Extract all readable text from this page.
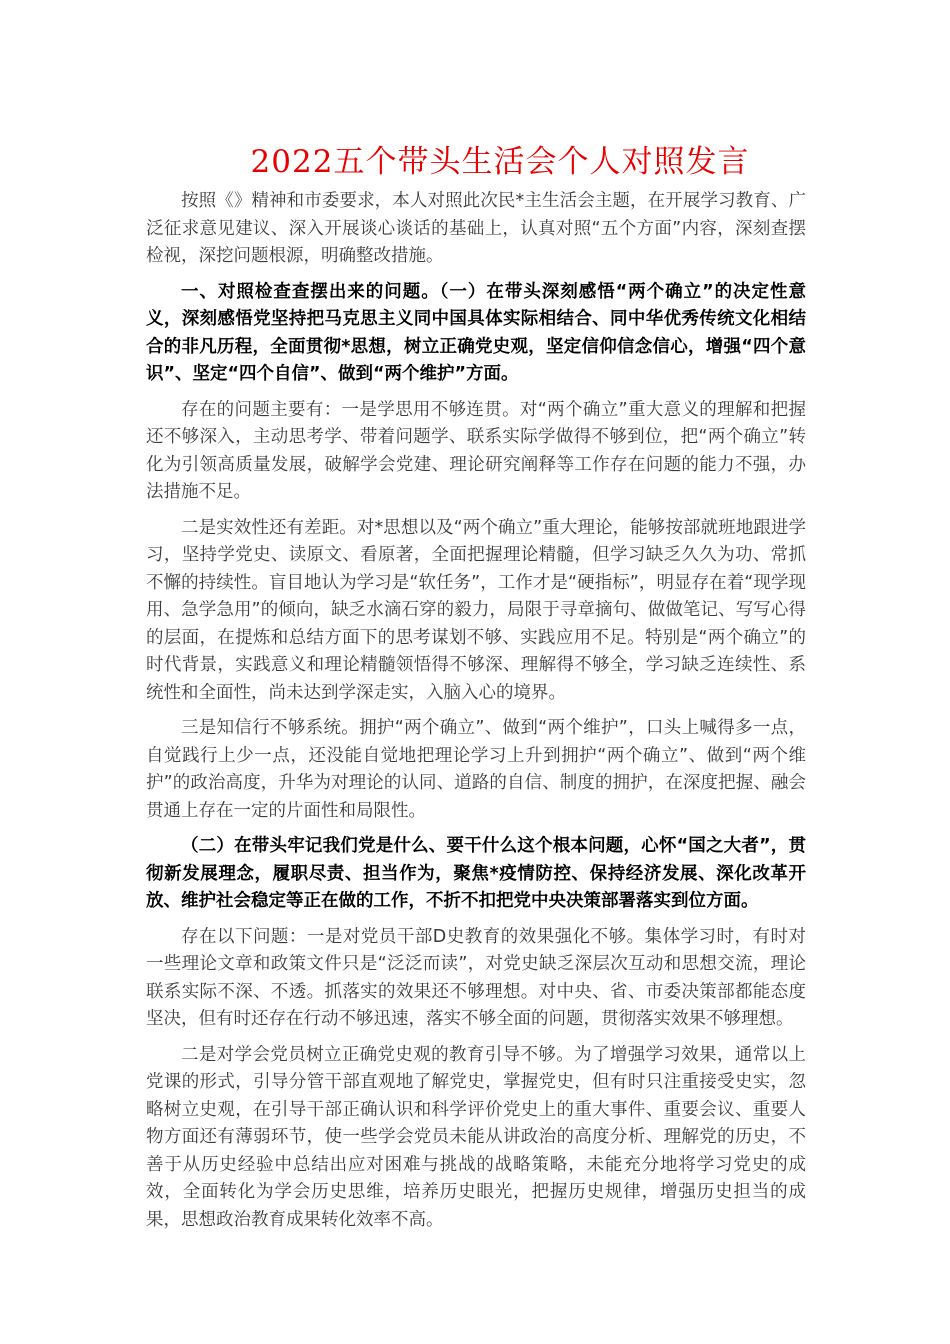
2022五个带头生活会个人对照发言

按照《》精神和市委要求，本人对照此次民*主生活会主题，在开展学习教育、广泛征求意见建议、深入开展谈心谈话的基础上，认真对照“五个方面”内容，深刻查摆检视，深挖问题根源，明确整改措施。

一、对照检查查摆出来的问题。（一）在带头深刻感悟“两个确立”的决定性意义，深刻感悟党坚持把马克思主义同中国具体实际相结合、同中华优秀传统文化相结合的非凡历程，全面贯彻*思想，树立正确党史观，坚定信仰信念信心，增强“四个意识”、坚定“四个自信”、做到“两个维护”方面。

存在的问题主要有：一是学思用不够连贯。对“两个确立”重大意义的理解和把握还不够深入，主动思考学、带着问题学、联系实际学做得不够到位，把“两个确立”转化为引领高质量发展，破解学会党建、理论研究阐释等工作存在问题的能力不强，办法措施不足。

二是实效性还有差距。对*思想以及“两个确立”重大理论，能够按部就班地跟进学习，坚持学党史、读原文、看原著，全面把握理论精髓，但学习缺乏久久为功、常抓不懈的持续性。盲目地认为学习是“软任务”，工作才是“硬指标”，明显存在着“现学现用、急学急用”的倾向，缺乏水滴石穿的毅力，局限于寻章摘句、做做笔记、写写心得的层面，在提炼和总结方面下的思考谋划不够、实践应用不足。特别是“两个确立”的时代背景，实践意义和理论精髓领悟得不够深、理解得不够全，学习缺乏连续性、系统性和全面性，尚未达到学深走实，入脑入心的境界。

三是知信行不够系统。拥护“两个确立”、做到“两个维护”，口头上喊得多一点，自觉践行上少一点，还没能自觉地把理论学习上升到拥护“两个确立”、做到“两个维护”的政治高度，升华为对理论的认同、道路的自信、制度的拥护，在深度把握、融会贯通上存在一定的片面性和局限性。

（二）在带头牢记我们党是什么、要干什么这个根本问题，心怀“国之大者”，贯彻新发展理念，履职尽责、担当作为，聚焦*疫情防控、保持经济发展、深化改革开放、维护社会稳定等正在做的工作，不折不扣把党中央决策部署落实到位方面。

存在以下问题：一是对党员干部D史教育的效果强化不够。集体学习时，有时对一些理论文章和政策文件只是“泛泛而读”，对党史缺乏深层次互动和思想交流，理论联系实际不深、不透。抓落实的效果还不够理想。对中央、省、市委决策部都能态度坚决，但有时还存在行动不够迅速，落实不够全面的问题，贯彻落实效果不够理想。

二是对学会党员树立正确党史观的教育引导不够。为了增强学习效果，通常以上党课的形式，引导分管干部直观地了解党史，掌握党史，但有时只注重接受史实，忽略树立史观，在引导干部正确认识和科学评价党史上的重大事件、重要会议、重要人物方面还有薄弱环节，使一些学会党员未能从讲政治的高度分析、理解党的历史，不善于从历史经验中总结出应对困难与挑战的战略策略，未能充分地将学习党史的成效，全面转化为学会历史思维，培养历史眼光，把握历史规律，增强历史担当的成果，思想政治教育成果转化效率不高。
